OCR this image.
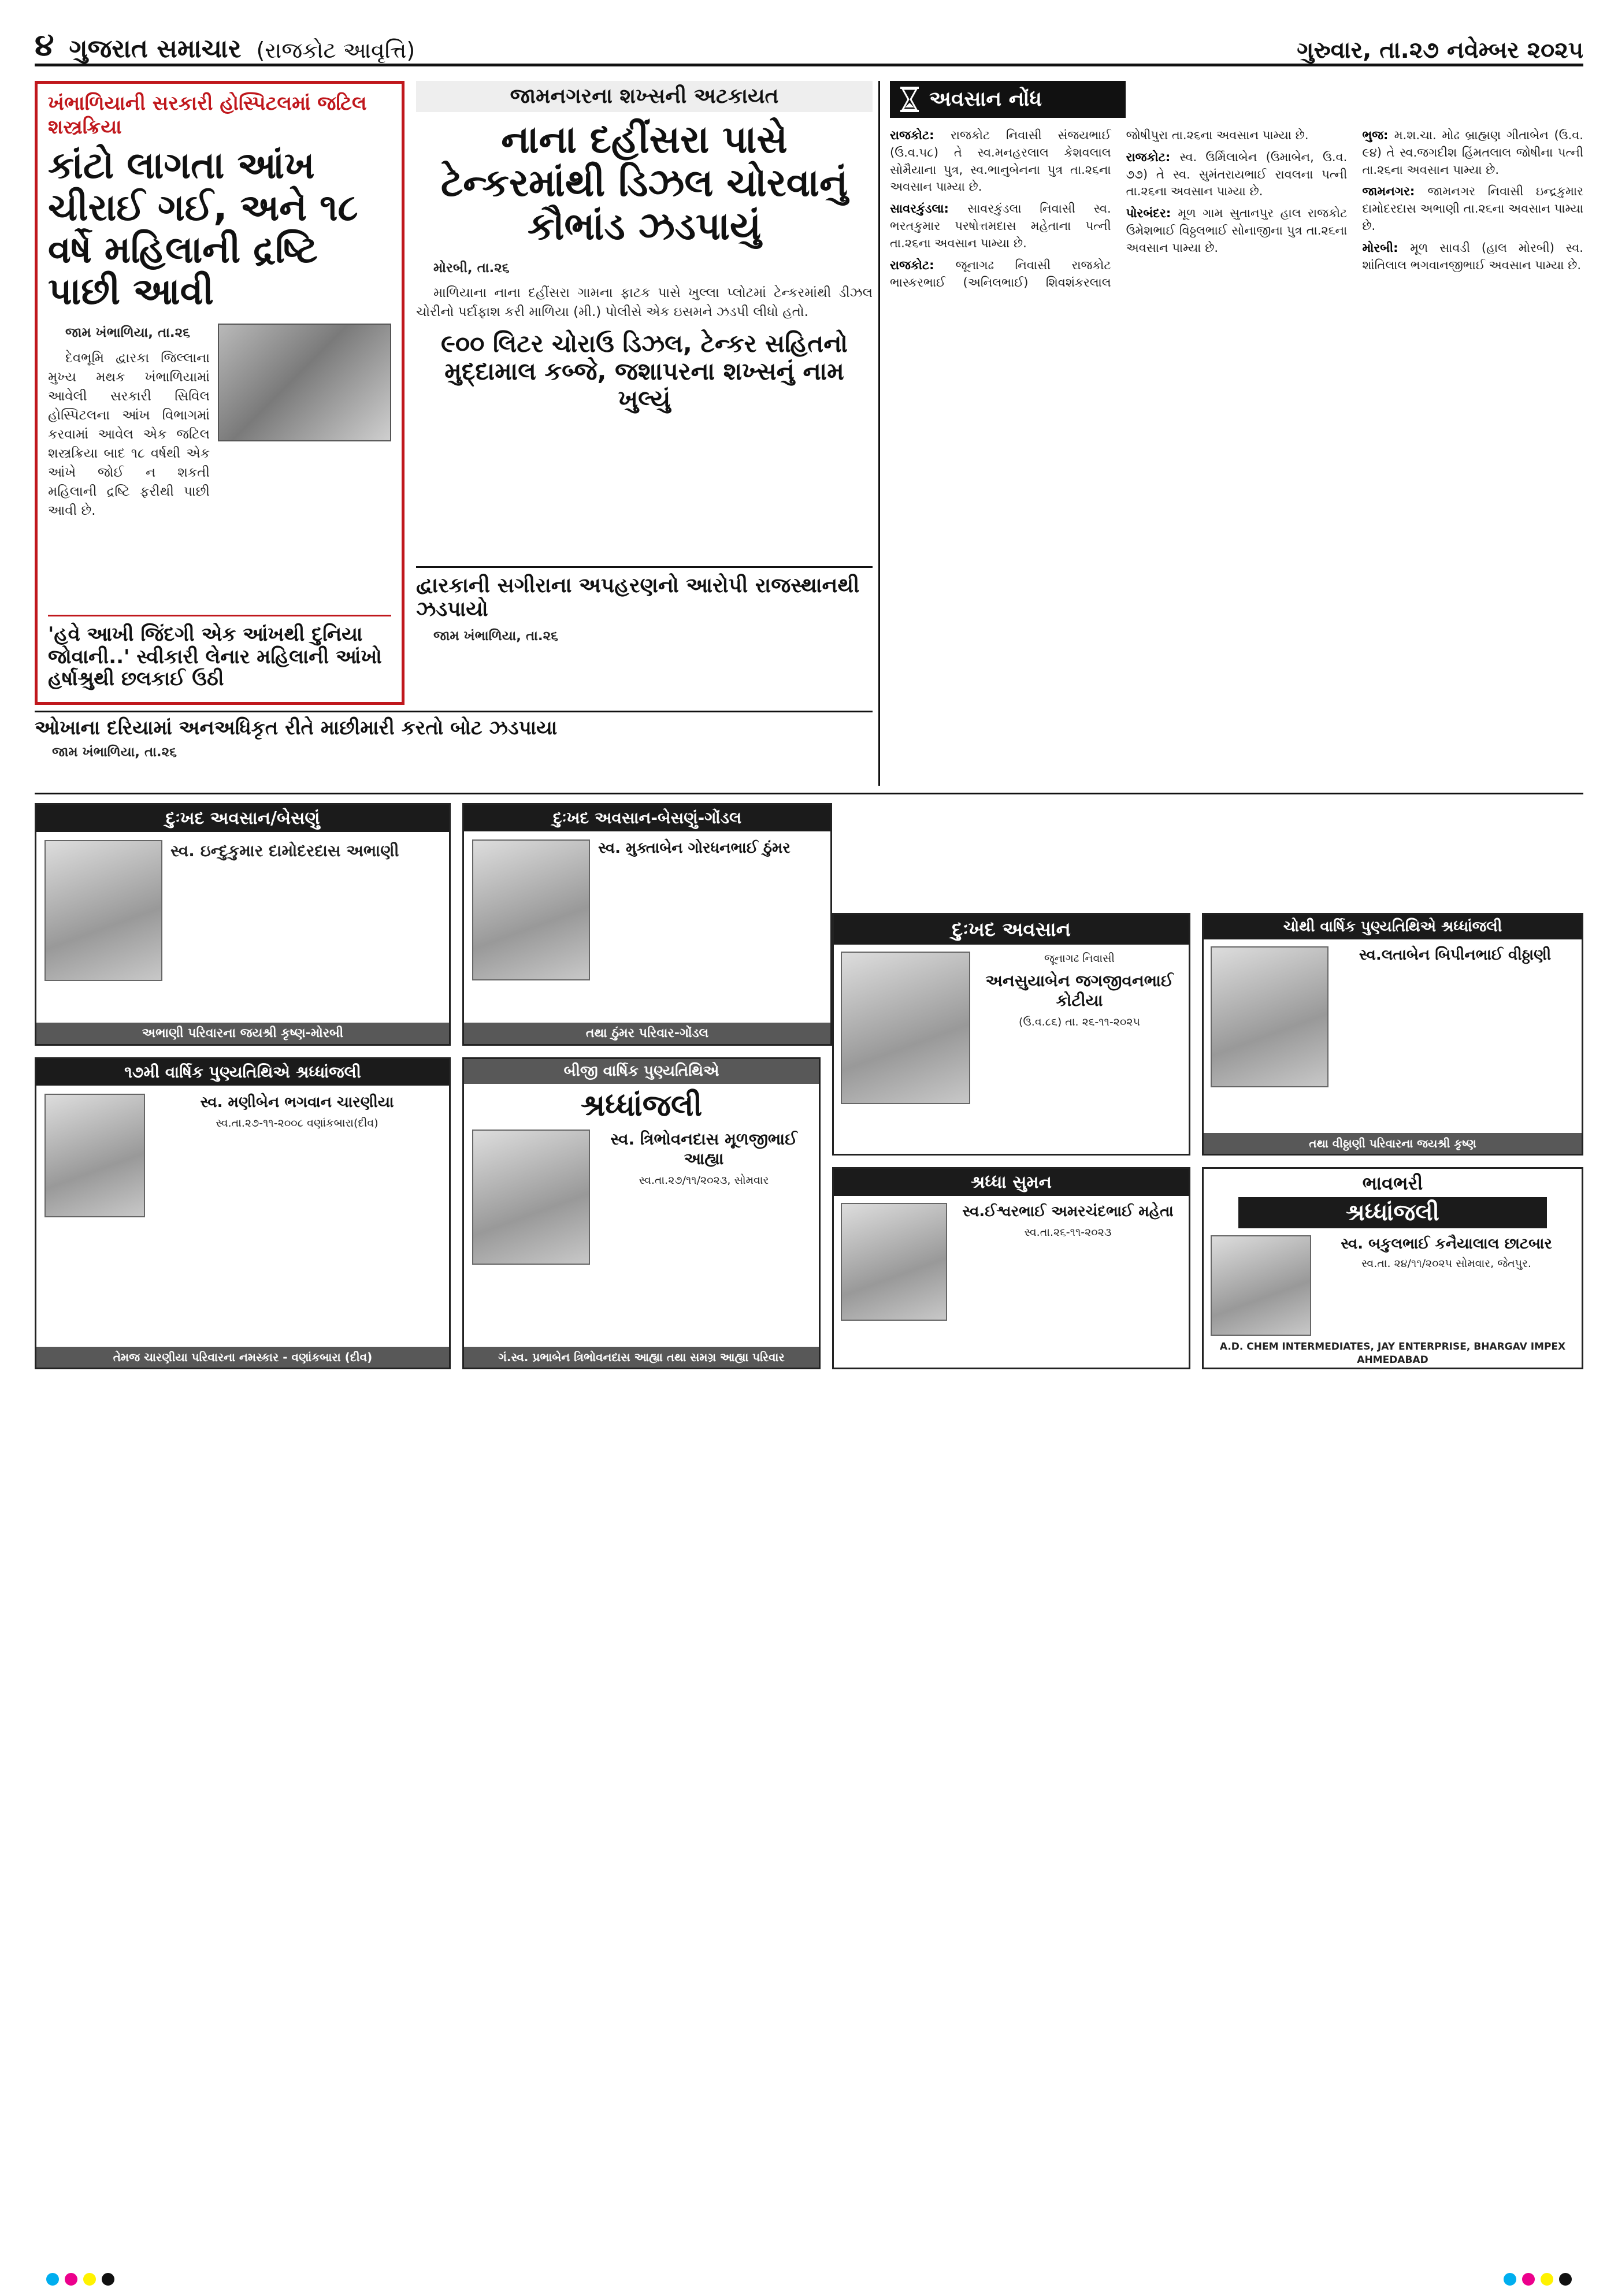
૪ ગુજરાત સમાચાર (રાજકોટ આવૃત્તિ)	ગુરુવાર, તા.૨૭ નવેમ્બર ૨૦૨૫
ખંભાળિયાની સરકારી હોસ્પિટલમાં જટિલ શસ્ત્રક્રિયા
કાંટો લાગતા આંખ ચીરાઈ ગઈ, અને ૧૮ વર્ષે મહિલાની દ્રષ્ટિ પાછી આવી

જામ ખંભાળિયા, તા.૨૬

દેવભૂમિ દ્વારકા જિલ્લાના મુખ્ય મથક ખંભાળિયામાં આવેલી સરકારી સિવિલ હોસ્પિટલના આંખ વિભાગમાં કરવામાં આવેલ એક જટિલ શસ્ત્રક્રિયા બાદ ૧૮ વર્ષથી એક આંખે જોઈ ન શકતી મહિલાની દ્રષ્ટિ ફરીથી પાછી આવી છે.

'હવે આખી જિંદગી એક આંખથી દુનિયા જોવાની..' સ્વીકારી લેનાર મહિલાની આંખો હર્ષાશ્રુથી છલકાઈ ઉઠી
જામનગરના શખ્સની અટકાયત
નાના દહીંસરા પાસે ટેન્કરમાંથી ડિઝલ ચોરવાનું કૌભાંડ ઝડપાયું

મોરબી, તા.૨૬

માળિયાના નાના દહીંસરા ગામના ફાટક પાસે ખુલ્લા પ્લોટમાં ટેન્કરમાંથી ડીઝલ ચોરીનો પર્દાફાશ કરી માળિયા (મી.) પોલીસે એક ઇસમને ઝડપી લીધો હતો.

૯૦૦ લિટર ચોરાઉ ડિઝલ, ટેન્કર સહિતનો મુદ્દામાલ કબ્જે, જશાપરના શખ્સનું નામ ખુલ્યું
દ્વારકાની સગીરાના અપહરણનો આરોપી રાજસ્થાનથી ઝડપાયો

જામ ખંભાળિયા, તા.૨૬

ઓખાના દરિયામાં અનઅધિકૃત રીતે માછીમારી કરતો બોટ ઝડપાયા

જામ ખંભાળિયા, તા.૨૬

અવસાન નોંધ

રાજકોટ: રાજકોટ નિવાસી સંજયભાઈ (ઉ.વ.૫૮) તે સ્વ.મનહરલાલ કેશવલાલ સોમૈયાના પુત્ર, સ્વ.ભાનુબેનના પુત્ર તા.૨૬ના અવસાન પામ્યા છે.

સાવરકુંડલા: સાવરકુંડલા નિવાસી સ્વ. ભરતકુમાર પરષોત્તમદાસ મહેતાના પત્ની તા.૨૬ના અવસાન પામ્યા છે.

રાજકોટ: જૂનાગઢ નિવાસી રાજકોટ ભાસ્કરભાઈ (અનિલભાઈ) શિવશંકરલાલ જોષીપુરા તા.૨૬ના અવસાન પામ્યા છે.

રાજકોટ: સ્વ. ઉર્મિલાબેન (ઉમાબેન, ઉ.વ. ૭૭) તે સ્વ. સુમંતરાયભાઈ રાવલના પત્ની તા.૨૬ના અવસાન પામ્યા છે.

પોરબંદર: મૂળ ગામ સુતાનપુર હાલ રાજકોટ ઉમેશભાઈ વિઠ્ઠલભાઈ સોનાજીના પુત્ર તા.૨૬ના અવસાન પામ્યા છે.

ભુજ: મ.શ.ચા. મોઢ બ્રાહ્મણ ગીતાબેન (ઉ.વ. ૯૪) તે સ્વ.જગદીશ હિંમતલાલ જોષીના પત્ની તા.૨૬ના અવસાન પામ્યા છે.

જામનગર: જામનગર નિવાસી ઇન્દ્રકુમાર દામોદરદાસ અભાણી તા.૨૬ના અવસાન પામ્યા છે.

મોરબી: મૂળ સાવડી (હાલ મોરબી) સ્વ. શાંતિલાલ ભગવાનજીભાઈ અવસાન પામ્યા છે.

દુઃખદ અવસાન/બેસણું
સ્વ. ઇન્દુકુમાર દામોદરદાસ અભાણી
અભાણી પરિવારના જયશ્રી કૃષ્ણ-મોરબી
દુઃખદ અવસાન-બેસણું-ગોંડલ
સ્વ. મુક્તાબેન ગોરધનભાઈ ઠુંમર
તથા ઠુંમર પરિવાર-ગોંડલ
દુઃખદ અવસાન
જૂનાગઢ નિવાસી
અનસુયાબેન જગજીવનભાઈ કોટીયા
(ઉ.વ.૮૬) તા. ૨૬-૧૧-૨૦૨૫
૧૭મી વાર્ષિક પુણ્યતિથિએ શ્રધ્ધાંજલી
સ્વ. મણીબેન ભગવાન ચારણીયા
સ્વ.તા.૨૭-૧૧-૨૦૦૮ વણાંકબારા(દીવ)
તેમજ ચારણીયા પરિવારના નમસ્કાર - વણાંકબારા (દીવ)
બીજી વાર્ષિક પુણ્યતિથિએ
શ્રધ્ધાંજલી
સ્વ. ત્રિભોવનદાસ મૂળજીભાઈ આહ્યા
સ્વ.તા.૨૭/૧૧/૨૦૨૩, સોમવાર
ગં.સ્વ. પ્રભાબેન ત્રિભોવનદાસ આહ્યા તથા સમગ્ર આહ્યા પરિવાર
ચોથી વાર્ષિક પુણ્યતિથિએ શ્રધ્ધાંજલી
સ્વ.લતાબેન બિપીનભાઈ વીઠ્ઠાણી
તથા વીઠ્ઠાણી પરિવારના જયશ્રી કૃષ્ણ
શ્રધ્ધા સુમન
સ્વ.ઈશ્વરભાઈ અમરચંદભાઈ મહેતા
સ્વ.તા.૨૬-૧૧-૨૦૨૩
ભાવભરી
શ્રધ્ધાંજલી
સ્વ. બકુલભાઈ કનૈયાલાલ છાટબાર
સ્વ.તા. ૨૪/૧૧/૨૦૨૫ સોમવાર, જેતપુર.
A.D. CHEM INTERMEDIATES, JAY ENTERPRISE, BHARGAV IMPEX AHMEDABAD
